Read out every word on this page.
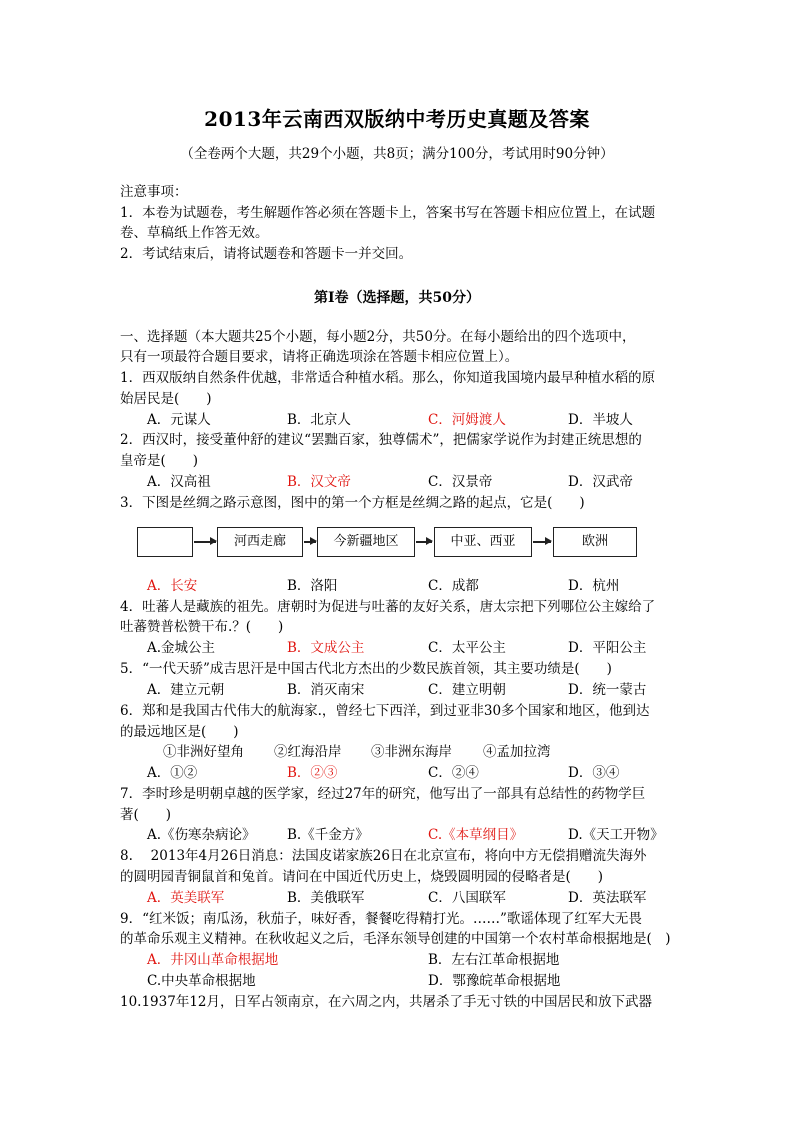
2013年云南西双版纳中考历史真题及答案
（全卷两个大题，共29个小题，共8页；满分100分，考试用时90分钟）
注意事项：
1．本卷为试题卷，考生解题作答必须在答题卡上，答案书写在答题卡相应位置上，在试题
卷、草稿纸上作答无效。
2．考试结束后，请将试题卷和答题卡一并交回。
第Ⅰ卷（选择题，共50分）
一、选择题（本大题共25个小题，每小题2分，共50分。在每小题给出的四个选项中，
只有一项最符合题目要求，请将正确选项涂在答题卡相应位置上）。
1．西双版纳自然条件优越，非常适合种植水稻。那么，你知道我国境内最早种植水稻的原
始居民是(　　)
A．元谋人	B．北京人	C．河姆渡人	D．半坡人
2．西汉时，接受董仲舒的建议“罢黜百家，独尊儒术”，把儒家学说作为封建正统思想的
皇帝是(　　)
A．汉高祖	B．汉文帝	C．汉景帝	D．汉武帝
3．下图是丝绸之路示意图，图中的第一个方框是丝绸之路的起点，它是(　　)
河西走廊	今新疆地区	中亚、西亚	欧洲
A．长安	B．洛阳	C．成都	D．杭州
4．吐蕃人是藏族的祖先。唐朝时为促进与吐蕃的友好关系，唐太宗把下列哪位公主嫁给了
吐蕃赞普松赞干布.？(　　)
A.金城公主	B．文成公主	C．太平公主	D．平阳公主
5．“一代天骄”成吉思汗是中国古代北方杰出的少数民族首领，其主要功绩是(　　)
A．建立元朝	B．消灭南宋	C．建立明朝	D．统一蒙古
6．郑和是我国古代伟大的航海家.，曾经七下西洋，到过亚非30多个国家和地区，他到达
的最远地区是(　　)
①非洲好望角 ②红海沿岸 ③非洲东海岸 ④孟加拉湾
A．①②	B．②③	C．②④	D．③④
7．李时珍是明朝卓越的医学家，经过27年的研究，他写出了一部具有总结性的药物学巨
著(　　)
A.《伤寒杂病论》 B.《千金方》	C.《本草纲目》	D.《天工开物》
8.　 2013年4月26日消息：法国皮诺家族26日在北京宣布，将向中方无偿捐赠流失海外
的圆明园青铜鼠首和兔首。请问在中国近代历史上，烧毁圆明园的侵略者是(　　)
A．英美联军	B．美俄联军	C．八国联军	D．英法联军
9．“红米饭；南瓜汤，秋茄子，味好香，餐餐吃得精打光。……”歌谣体现了红军大无畏
的革命乐观主义精神。在秋收起义之后，毛泽东领导创建的中国第一个农村革命根据地是(　)
A．井冈山革命根据地	B．左右江革命根据地
C.中央革命根据地	D．鄂豫皖革命根据地
10.1937年12月，日军占领南京，在六周之内，共屠杀了手无寸铁的中国居民和放下武器
